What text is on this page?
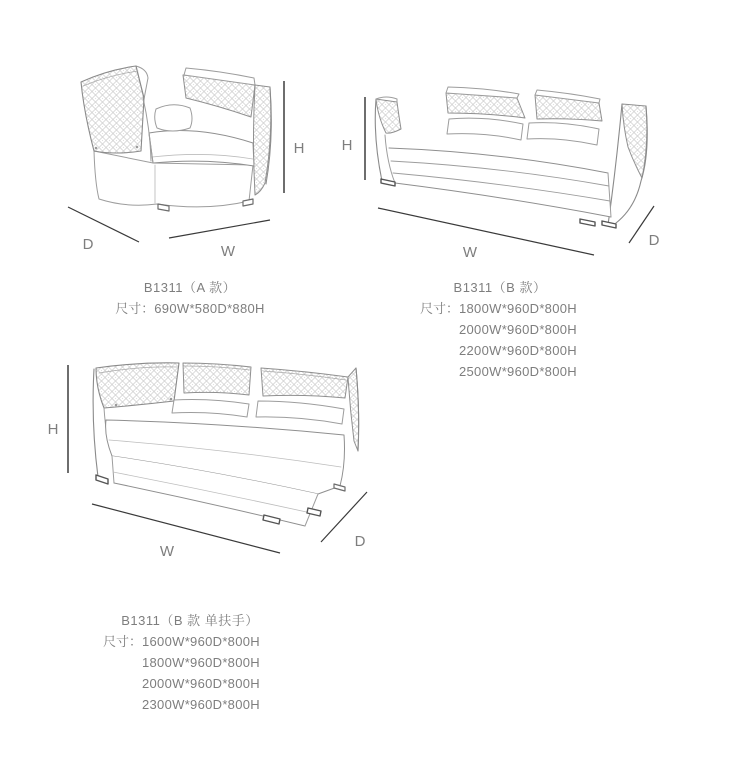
H
D	W
H
W
D
H
W
D
B1311（A 款）
尺寸： 690W*580D*880H
B1311（B 款）
尺寸： 1800W*960D*800H
2000W*960D*800H
2200W*960D*800H
2500W*960D*800H
B1311（B 款 单扶手）
尺寸： 1600W*960D*800H
1800W*960D*800H
2000W*960D*800H
2300W*960D*800H
